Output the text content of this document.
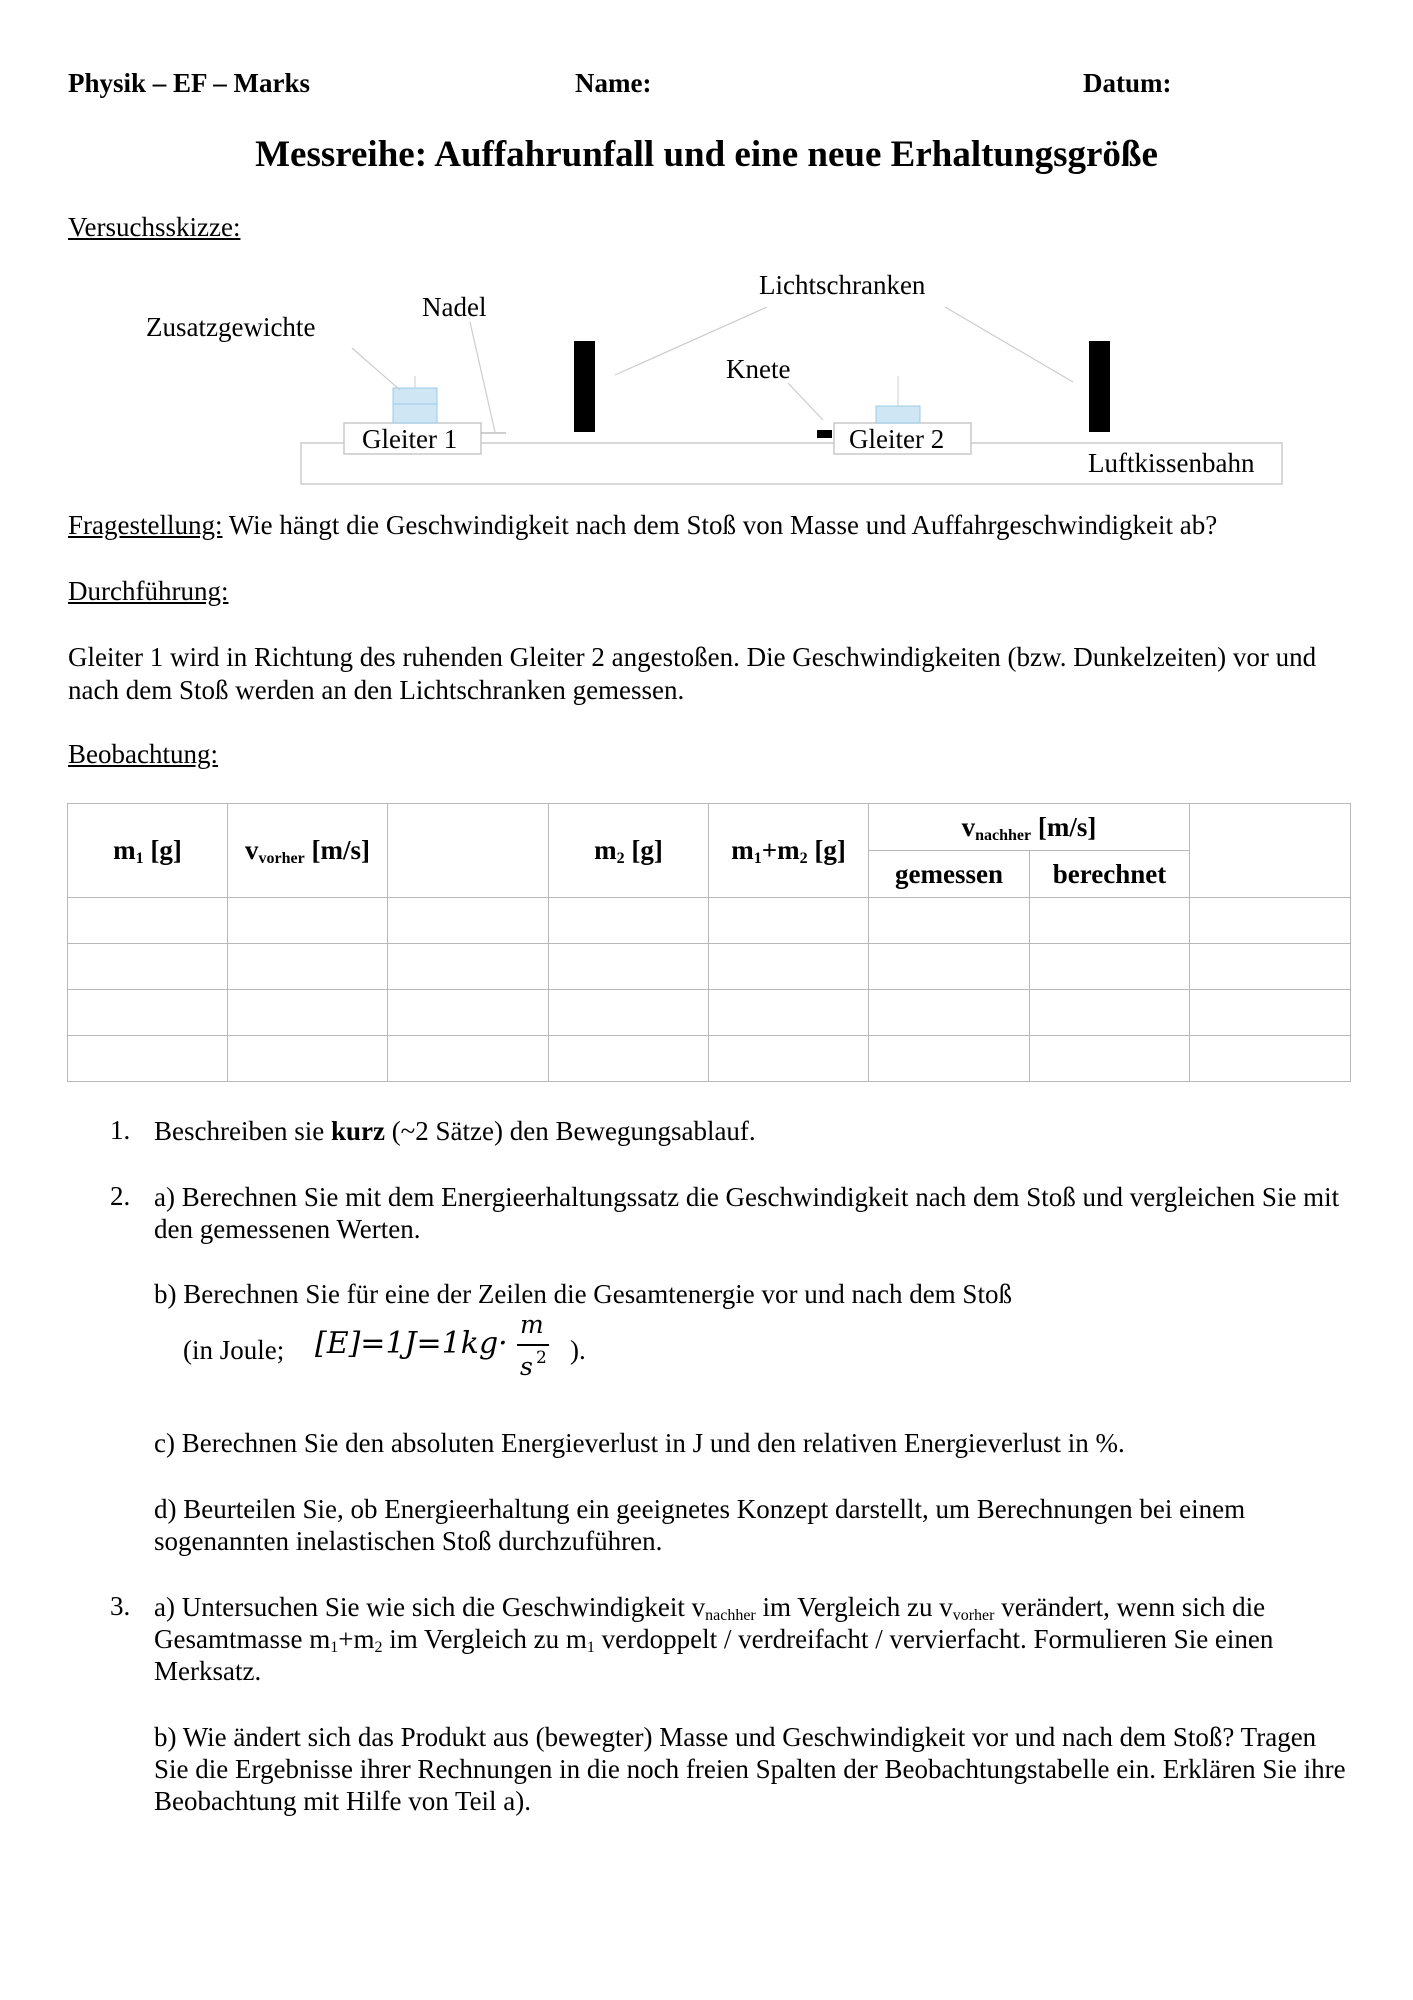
Physik – EF – Marks	Name:	Datum:
Messreihe: Auffahrunfall und eine neue Erhaltungsgröße
Versuchsskizze:
Zusatzgewichte
Nadel
Lichtschranken
Knete
Gleiter 1	Gleiter 2
Luftkissenbahn
Fragestellung: Wie hängt die Geschwindigkeit nach dem Stoß von Masse und Auffahrgeschwindigkeit ab?
Durchführung:
Gleiter 1 wird in Richtung des ruhenden Gleiter 2 angestoßen. Die Geschwindigkeiten (bzw. Dunkelzeiten) vor und nach dem Stoß werden an den Lichtschranken gemessen.
Beobachtung:
$m_1$ [g]	$v_{vorher}$ [m/s]		$m_2$ [g]	$m_1+m_2$ [g]	$v_{nachher}$ [m/s]		
					gemessen	berechnet	

1. Beschreiben sie kurz (~2 Sätze) den Bewegungsablauf.
2. a) Berechnen Sie mit dem Energieerhaltungssatz die Geschwindigkeit nach dem Stoß und vergleichen Sie mit den gemessenen Werten.
b) Berechnen Sie für eine der Zeilen die Gesamtenergie vor und nach dem Stoß
(in Joule; [E]=1J=1kg·
m
s 2 ).
c) Berechnen Sie den absoluten Energieverlust in J und den relativen Energieverlust in %.
d) Beurteilen Sie, ob Energieerhaltung ein geeignetes Konzept darstellt, um Berechnungen bei einem sogenannten inelastischen Stoß durchzuführen.
3. a) Untersuchen Sie wie sich die Geschwindigkeit $v_{nachher}$ im Vergleich zu $v_{vorher}$ verändert, wenn sich die
Gesamtmasse $m_1+m_2$ im Vergleich zu $m_1$ verdoppelt / verdreifacht / vervierfacht. Formulieren Sie einen
Merksatz.
b) Wie ändert sich das Produkt aus (bewegter) Masse und Geschwindigkeit vor und nach dem Stoß? Tragen Sie die Ergebnisse ihrer Rechnungen in die noch freien Spalten der Beobachtungstabelle ein. Erklären Sie ihre Beobachtung mit Hilfe von Teil a).
